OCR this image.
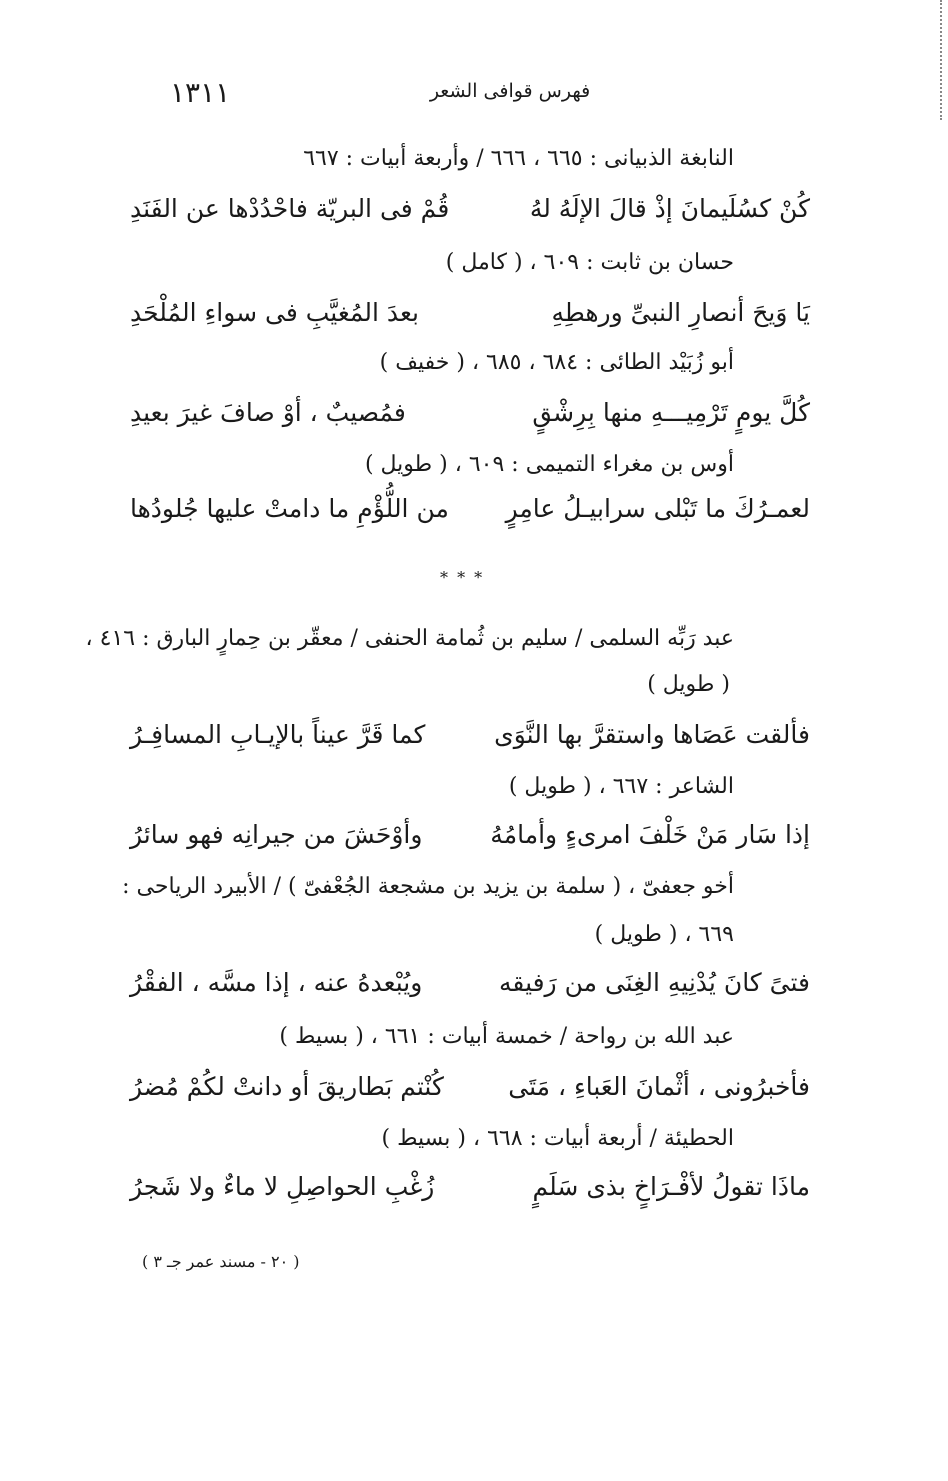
١٣١١	فهرس قوافى الشعر
النابغة الذبيانى : ٦٦٥ ، ٦٦٦ / وأربعة أبيات : ٦٦٧
كُنْ كسُلَيمانَ إذْ قالَ الإلَهُ لهُ
قُمْ فى البريّة فاحْدُدْها عن الفَنَدِ
حسان بن ثابت : ٦٠٩ ، ( كامل )
يَا وَيحَ أنصارِ النبىِّ ورهطِهِ
بعدَ المُغيَّبِ فى سواءِ المُلْحَدِ
أبو زُبَيْد الطائى : ٦٨٤ ، ٦٨٥ ، ( خفيف )
كُلَّ يومٍ تَرْمِيـــهِ منها بِرِشْقٍ
فمُصيبٌ ، أوْ صافَ غيرَ بعيدِ
أوس بن مغراء التميمى : ٦٠٩ ، ( طويل )
لعمـرُكَ ما تَبْلى سرابيـلُ عامِرٍ
من اللُّؤْمِ ما دامتْ عليها جُلودُها
* * *
عبد رَبِّه السلمى / سليم بن ثُمامة الحنفى / معقّر بن حِمارٍ البارق : ٤١٦ ،
( طويل )
فألقت عَصَاها واستقرَّ بها النَّوَى
كما قَرَّ عيناً بالإيـابِ المسافِـرُ
الشاعر : ٦٦٧ ، ( طويل )
إذا سَار مَنْ خَلْفَ امرىءٍ وأمامُهُ
وأوْحَشَ من جيرانِه فهو سائرُ
أخو جعفىّ ، ( سلمة بن يزيد بن مشجعة الجُعْفىّ ) / الأبيرد الرياحى :
٦٦٩ ، ( طويل )
فتىً كانَ يُدْنِيهِ الغِنَى من رَفيقه
ويُبْعدهُ عنه ، إذا مسَّه ، الفقْرُ
عبد الله بن رواحة / خمسة أبيات : ٦٦١ ، ( بسيط )
فأخبرُونى ، أثْمانَ العَباءِ ، مَتَى
كُنْتم بَطاريقَ أو دانتْ لكُمْ مُضرُ
الحطيئة / أربعة أبيات : ٦٦٨ ، ( بسيط )
ماذَا تقولُ لأفْـرَاخٍ بذى سَلَمٍ
زُغْبِ الحواصِلِ لا ماءٌ ولا شَجرُ
( ٢٠ - مسند عمر جـ ٣ )
